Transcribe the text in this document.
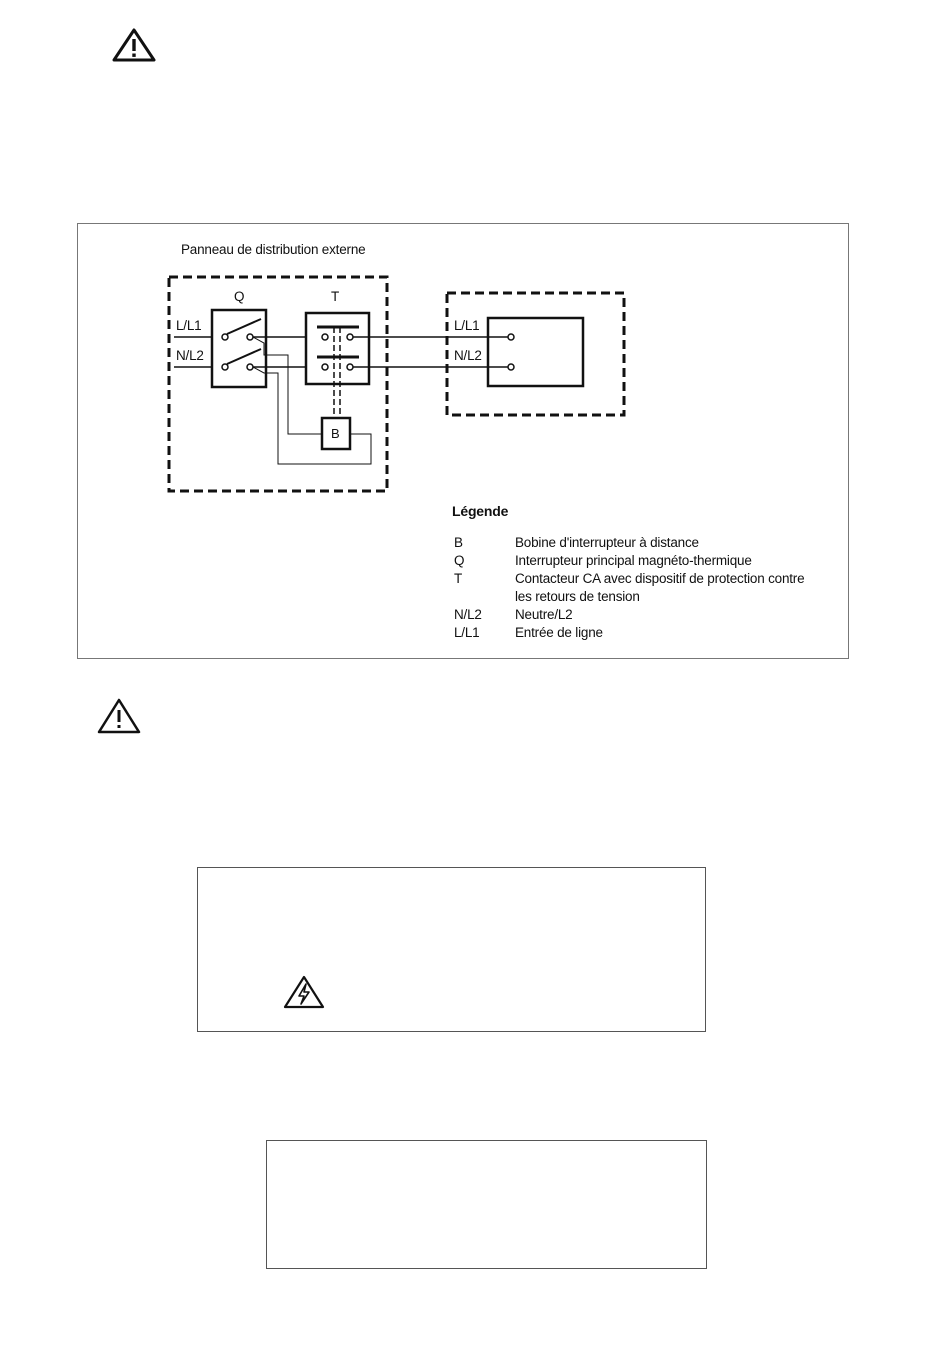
Panneau de distribution externe
Q	T
B
L/L1
N/L2
L/L1
N/L2
Légende
B	Bobine d'interrupteur à distance
Q	Interrupteur principal magnéto-thermique
T	Contacteur CA avec dispositif de protection contre
les retours de tension
N/L2 Neutre/L2
L/L1	Entrée de ligne
